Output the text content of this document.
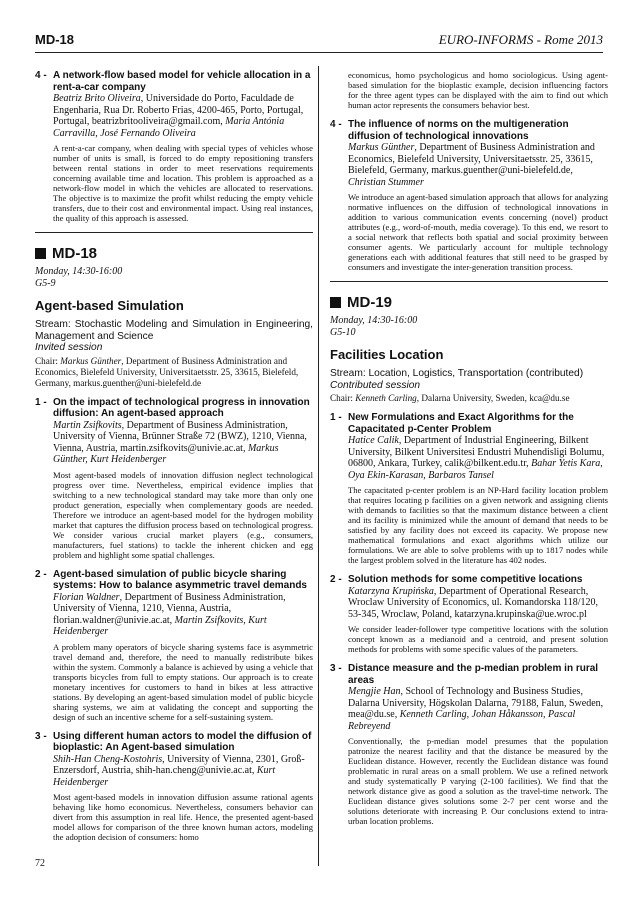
MD-18	EURO-INFORMS - Rome 2013
4 - A network-flow based model for vehicle allocation in a rent-a-car company
Beatriz Brito Oliveira, Universidade do Porto, Faculdade de Engenharia, Rua Dr. Roberto Frias, 4200-465, Porto, Portugal, Portugal, beatrizbritooliveira@gmail.com, Maria Antónia Carravilla, José Fernando Oliveira
A rent-a-car company, when dealing with special types of vehicles whose number of units is small, is forced to do empty repositioning transfers between rental stations in order to meet reservations requirements concerning available time and location. This problem is approached as a network-flow model in which the vehicles are allocated to reservations. The objective is to maximize the profit whilst reducing the empty vehicle transfers, due to their cost and environmental impact. Using real instances, the quality of this approach is assessed.
MD-18
Monday, 14:30-16:00
G5-9
Agent-based Simulation
Stream: Stochastic Modeling and Simulation in Engineering, Management and Science
Invited session
Chair: Markus Günther, Department of Business Administration and Economics, Bielefeld University, Universitaetsstr. 25, 33615, Bielefeld, Germany, markus.guenther@uni-bielefeld.de
1 - On the impact of technological progress in innovation diffusion: An agent-based approach
Martin Zsifkovits, Department of Business Administration, University of Vienna, Brünner Straße 72 (BWZ), 1210, Vienna, Vienna, Austria, martin.zsifkovits@univie.ac.at, Markus Günther, Kurt Heidenberger
Most agent-based models of innovation diffusion neglect technological progress over time. Nevertheless, empirical evidence implies that switching to a new technological standard may take more than only one product generation, especially when complementary goods are needed. Therefore we introduce an agent-based model for the hydrogen mobility market that captures the diffusion process based on technological progress. We consider various crucial market players (e.g., consumers, manufacturers, fuel stations) to tackle the inherent chicken and egg problem and highlight some spatial challenges.
2 - Agent-based simulation of public bicycle sharing systems: How to balance asymmetric travel demands
Florian Waldner, Department of Business Administration, University of Vienna, 1210, Vienna, Austria, florian.waldner@univie.ac.at, Martin Zsifkovits, Kurt Heidenberger
A problem many operators of bicycle sharing systems face is asymmetric travel demand and, therefore, the need to manually redistribute bikes within the system. Commonly a balance is achieved by using a vehicle that transports bicycles from full to empty stations. Our approach is to create monetary incentives for customers to hand in bikes at less attractive stations. By developing an agent-based simulation model of public bicycle sharing systems, we aim at validating the concept and supporting the design of such an incentive scheme for a self-sustaining system.
3 - Using different human actors to model the diffusion of bioplastic: An Agent-based simulation
Shih-Han Cheng-Kostohris, University of Vienna, 2301, Groß-Enzersdorf, Austria, shih-han.cheng@univie.ac.at, Kurt Heidenberger
Most agent-based models in innovation diffusion assume rational agents behaving like homo economicus. Nevertheless, consumers behavior can divert from this assumption in real life. Hence, the presented agent-based model allows for comparison of the three known human actors, modeling the adoption decision of consumers: homo
economicus, homo psychologicus and homo sociologicus. Using agent-based simulation for the bioplastic example, decision influencing factors for the three agent types can be displayed with the aim to find out which human actor represents the consumers behavior best.
4 - The influence of norms on the multigeneration diffusion of technological innovations
Markus Günther, Department of Business Administration and Economics, Bielefeld University, Universitaetsstr. 25, 33615, Bielefeld, Germany, markus.guenther@uni-bielefeld.de, Christian Stummer
We introduce an agent-based simulation approach that allows for analyzing normative influences on the diffusion of technological innovations in addition to various communication events concerning (novel) product attributes (e.g., word-of-mouth, media coverage). To this end, we resort to a social network that reflects both spatial and social proximity between consumer agents. We particularly account for multiple technology generations each with additional features that still need to be grasped by consumers and investigate the inter-generation transition process.
MD-19
Monday, 14:30-16:00
G5-10
Facilities Location
Stream: Location, Logistics, Transportation (contributed)
Contributed session
Chair: Kenneth Carling, Dalarna University, Sweden, kca@du.se
1 - New Formulations and Exact Algorithms for the Capacitated p-Center Problem
Hatice Calik, Department of Industrial Engineering, Bilkent University, Bilkent Universitesi Endustri Muhendisligi Bolumu, 06800, Ankara, Turkey, calik@bilkent.edu.tr, Bahar Yetis Kara, Oya Ekin-Karasan, Barbaros Tansel
The capacitated p-center problem is an NP-Hard facility location problem that requires locating p facilities on a given network and assigning clients with demands to facilities so that the maximum distance between a client and its facility is minimized while the amount of demand that needs to be satisfied by any facility does not exceed its capacity. We propose new mathematical formulations and exact algorithms which utilize our formulations. We are able to solve problems with up to 1817 nodes while the largest problem solved in the literature has 402 nodes.
2 - Solution methods for some competitive locations
Katarzyna Krupińska, Department of Operational Research, Wroclaw University of Economics, ul. Komandorska 118/120, 53-345, Wroclaw, Poland, katarzyna.krupinska@ue.wroc.pl
We consider leader-follower type competitive locations with the solution concept known as a medianoid and a centroid, and present solution methods for problems with some specific values of the parameters.
3 - Distance measure and the p-median problem in rural areas
Mengjie Han, School of Technology and Business Studies, Dalarna University, Högskolan Dalarna, 79188, Falun, Sweden, mea@du.se, Kenneth Carling, Johan Håkansson, Pascal Rebreyend
Conventionally, the p-median model presumes that the population patronize the nearest facility and that the distance be measured by the Euclidean distance. However, recently the Euclidean distance was found problematic in rural areas on a small problem. We use a refined network and study systematically P varying (2-100 facilities). We find that the network distance give as good a solution as the travel-time network. The Euclidean distance gives solutions some 2-7 per cent worse and the solutions deteriorate with increasing P. Our conclusions extend to intra-urban location problems.
72
